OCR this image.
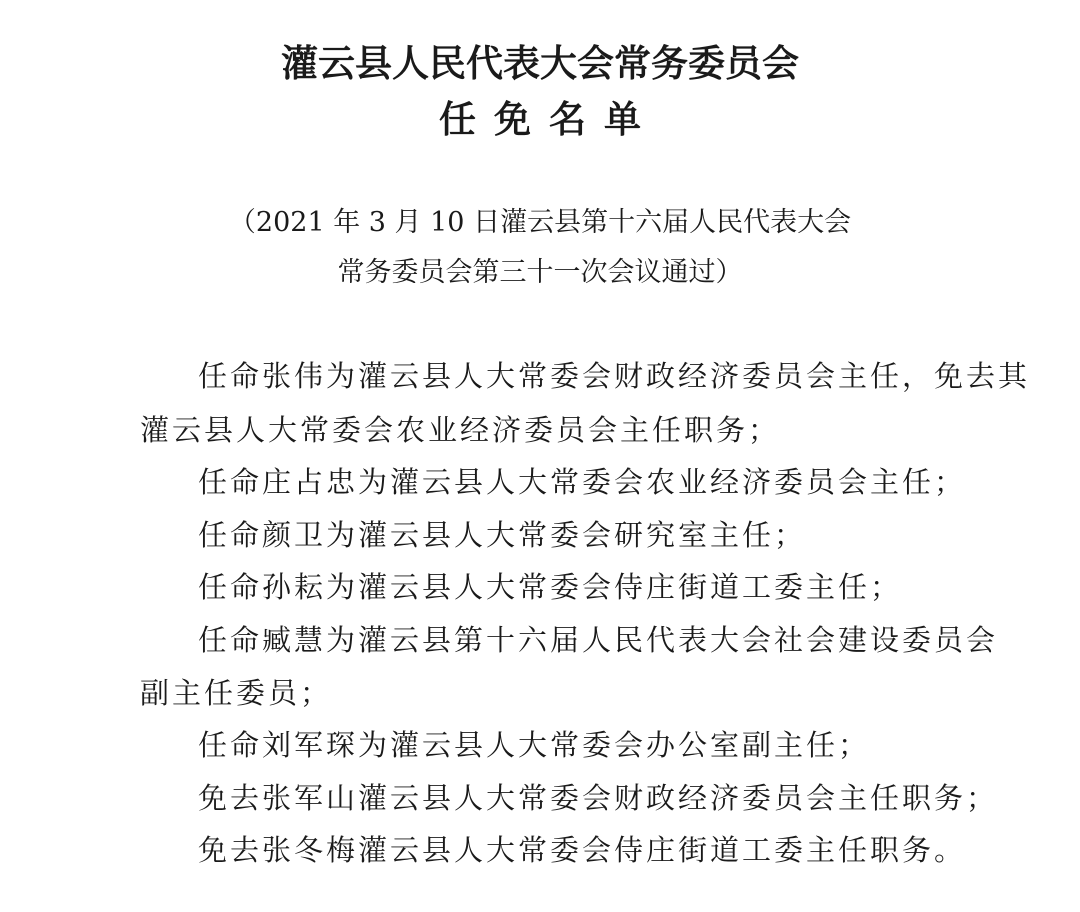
灌云县人民代表大会常务委员会
任免名单
（2021 年 3 月 10 日灌云县第十六届人民代表大会
常务委员会第三十一次会议通过）
任命张伟为灌云县人大常委会财政经济委员会主任，免去其
灌云县人大常委会农业经济委员会主任职务；
任命庄占忠为灌云县人大常委会农业经济委员会主任；
任命颜卫为灌云县人大常委会研究室主任；
任命孙耘为灌云县人大常委会侍庄街道工委主任；
任命臧慧为灌云县第十六届人民代表大会社会建设委员会
副主任委员；
任命刘军琛为灌云县人大常委会办公室副主任；
免去张军山灌云县人大常委会财政经济委员会主任职务；
免去张冬梅灌云县人大常委会侍庄街道工委主任职务。
